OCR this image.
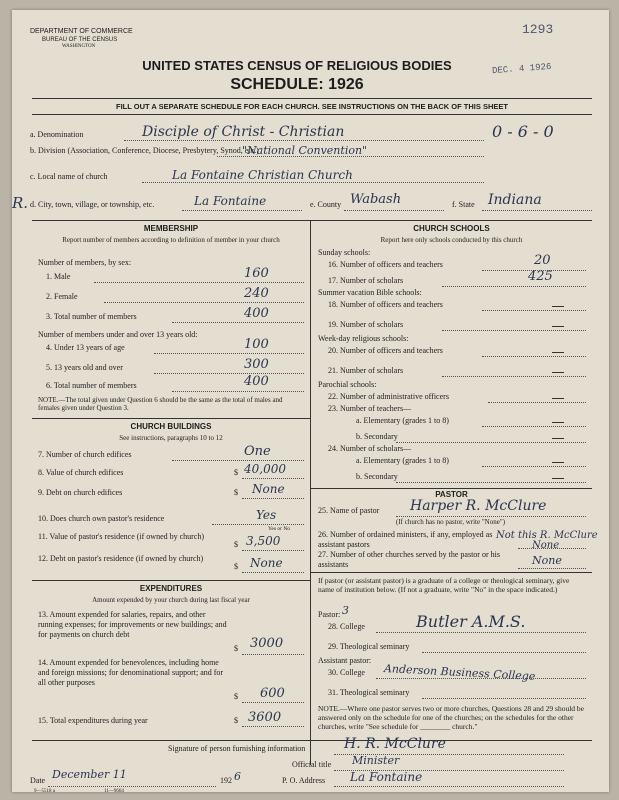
DEPARTMENT OF COMMERCE
BUREAU OF THE CENSUS
WASHINGTON
1293
UNITED STATES CENSUS OF RELIGIOUS BODIES
SCHEDULE: 1926
DEC. 4 1926
FILL OUT A SEPARATE SCHEDULE FOR EACH CHURCH. SEE INSTRUCTIONS ON THE BACK OF THIS SHEET
a. Denomination	Disciple of Christ - Christian	0 - 6 - 0
b. Division (Association, Conference, Diocese, Presbytery, Synod, etc.)
"National Convention"
c. Local name of church	La Fontaine Christian Church
R. d. City, town, village, or township, etc.	La Fontaine	e. County Wabash	f. State Indiana
MEMBERSHIP
Report number of members according to definition of member in your church
Number of members, by sex:
1. Male	160
2. Female	240
3. Total number of members	400
Number of members under and over 13 years old:
4. Under 13 years of age	100
5. 13 years old and over	300
6. Total number of members	400
NOTE.—The total given under Question 6 should be the same as the total of males and females given under Question 3.
CHURCH BUILDINGS
See instructions, paragraphs 10 to 12
7. Number of church edifices	One
8. Value of church edifices	$ 40,000
9. Debt on church edifices	$ None
10. Does church own pastor's residence	Yes
Yes or No
11. Value of pastor's residence (if owned by church)
$ 3,500
12. Debt on pastor's residence (if owned by church)
$ None
EXPENDITURES
Amount expended by your church during last fiscal year
13. Amount expended for salaries, repairs, and other running expenses; for improvements or new buildings; and for payments on church debt
$ 3000
14. Amount expended for benevolences, including home and foreign missions; for denominational support; and for all other purposes
$ 600
15. Total expenditures during year	$ 3600
CHURCH SCHOOLS
Report here only schools conducted by this church
Sunday schools:
16. Number of officers and teachers	20
17. Number of scholars	425
Summer vacation Bible schools:
18. Number of officers and teachers
19. Number of scholars
Week-day religious schools:
20. Number of officers and teachers
21. Number of scholars
Parochial schools:
22. Number of administrative officers
23. Number of teachers—
a. Elementary (grades 1 to 8)
b. Secondary
24. Number of scholars—
a. Elementary (grades 1 to 8)
b. Secondary
PASTOR
25. Name of pastor Harper R. McClure
(If church has no pastor, write "None")
26. Number of ordained ministers, if any, employed as assistant pastors
Not this R. McClure
None
27. Number of other churches served by the pastor or his assistants	None
If pastor (or assistant pastor) is a graduate of a college or theological seminary, give name of institution below. (If not a graduate, write "No" in the space indicated.)
Pastor: 3
28. College	Butler A.M.S.
29. Theological seminary
Assistant pastor:
30. College Anderson Business College
31. Theological seminary
NOTE.—Where one pastor serves two or more churches, Questions 28 and 29 should be answered only on the schedule for one of the churches; on the schedules for the other churches, write "See schedule for ________ church."
Signature of person furnishing information	H. R. McClure
Official title Minister
Date December 11	192 6	P. O. Address La Fontaine
9—5518 a	11—9664
